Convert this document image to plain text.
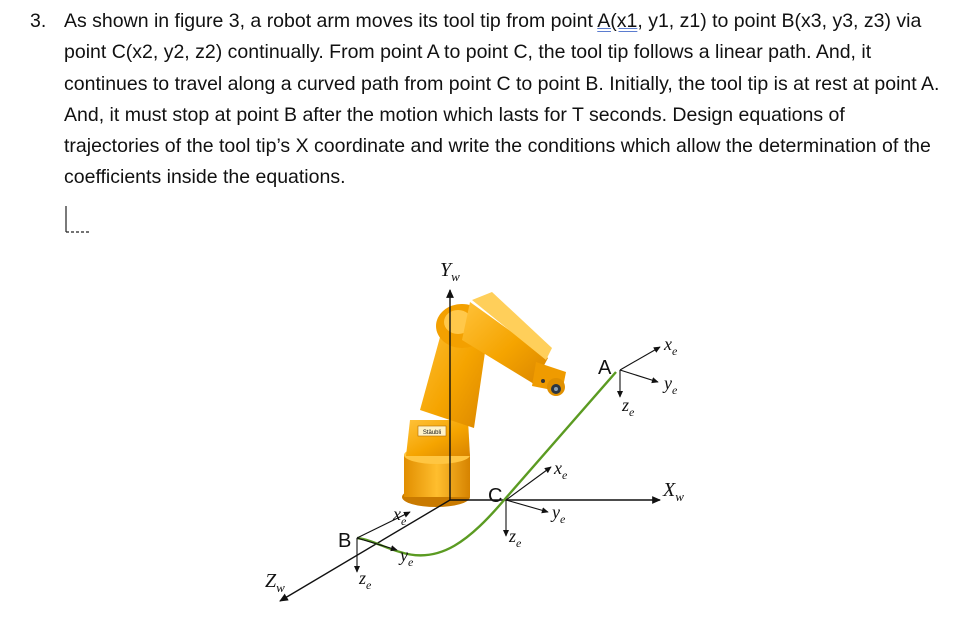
3. As shown in figure 3, a robot arm moves its tool tip from point A(x1, y1, z1) to point B(x3, y3, z3) via point C(x2, y2, z2) continually. From point A to point C, the tool tip follows a linear path. And, it continues to travel along a curved path from point C to point B. Initially, the tool tip is at rest at point A. And, it must stop at point B after the motion which lasts for T seconds. Design equations of trajectories of the tool tip’s X coordinate and write the conditions which allow the determination of the coefficients inside the equations.
Stäubli
$Y_w$
$X_w$
$Z_w$
$x_e$
$y_e$
$z_e$
A
$x_e$
$y_e$
$z_e$
C
$x_e$
$y_e$
$z_e$
B
